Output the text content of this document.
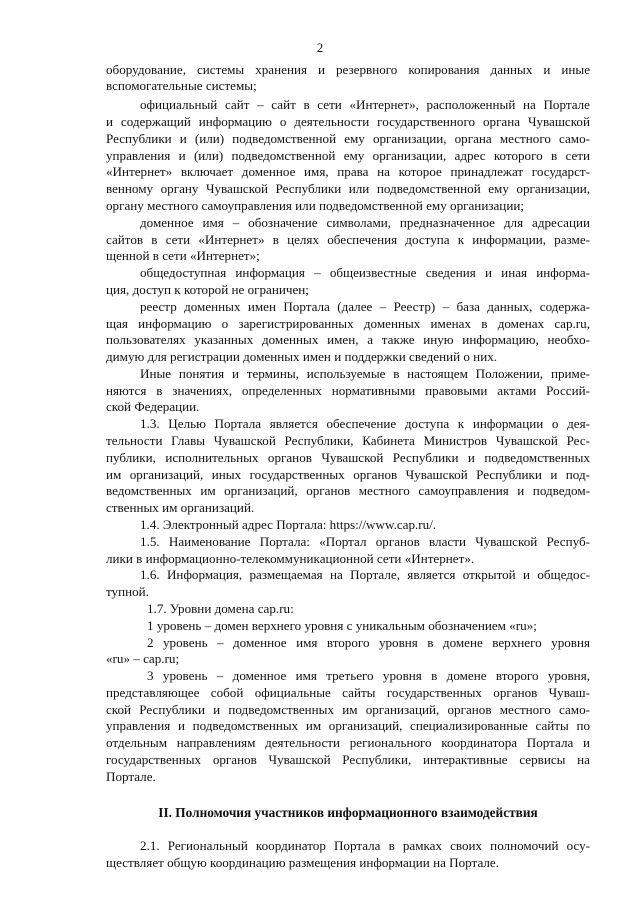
2
оборудование, системы хранения и резервного копирования данных и иные
вспомогательные системы;
официальный сайт – сайт в сети «Интернет», расположенный на Портале
и содержащий информацию о деятельности государственного органа Чувашской
Республики и (или) подведомственной ему организации, органа местного само-
управления и (или) подведомственной ему организации, адрес которого в сети
«Интернет» включает доменное имя, права на которое принадлежат государст-
венному органу Чувашской Республики или подведомственной ему организации,
органу местного самоуправления или подведомственной ему организации;
доменное имя – обозначение символами, предназначенное для адресации
сайтов в сети «Интернет» в целях обеспечения доступа к информации, разме-
щенной в сети «Интернет»;
общедоступная информация – общеизвестные сведения и иная информа-
ция, доступ к которой не ограничен;
реестр доменных имен Портала (далее – Реестр) – база данных, содержа-
щая информацию о зарегистрированных доменных именах в доменах cap.ru,
пользователях указанных доменных имен, а также иную информацию, необхо-
димую для регистрации доменных имен и поддержки сведений о них.
Иные понятия и термины, используемые в настоящем Положении, приме-
няются в значениях, определенных нормативными правовыми актами Россий-
ской Федерации.
1.3. Целью Портала является обеспечение доступа к информации о дея-
тельности Главы Чувашской Республики, Кабинета Министров Чувашской Рес-
публики, исполнительных органов Чувашской Республики и подведомственных
им организаций, иных государственных органов Чувашской Республики и под-
ведомственных им организаций, органов местного самоуправления и подведом-
ственных им организаций.
1.4. Электронный адрес Портала: https://www.cap.ru/.
1.5. Наименование Портала: «Портал органов власти Чувашской Респуб-
лики в информационно-телекоммуникационной сети «Интернет».
1.6. Информация, размещаемая на Портале, является открытой и общедос-
тупной.
1.7. Уровни домена cap.ru:
1 уровень – домен верхнего уровня с уникальным обозначением «ru»;
2 уровень – доменное имя второго уровня в домене верхнего уровня
«ru» – cap.ru;
3 уровень – доменное имя третьего уровня в домене второго уровня,
представляющее собой официальные сайты государственных органов Чуваш-
ской Республики и подведомственных им организаций, органов местного само-
управления и подведомственных им организаций, специализированные сайты по
отдельным направлениям деятельности регионального координатора Портала и
государственных органов Чувашской Республики, интерактивные сервисы на
Портале.
II. Полномочия участников информационного взаимодействия
2.1. Региональный координатор Портала в рамках своих полномочий осу-
ществляет общую координацию размещения информации на Портале.
